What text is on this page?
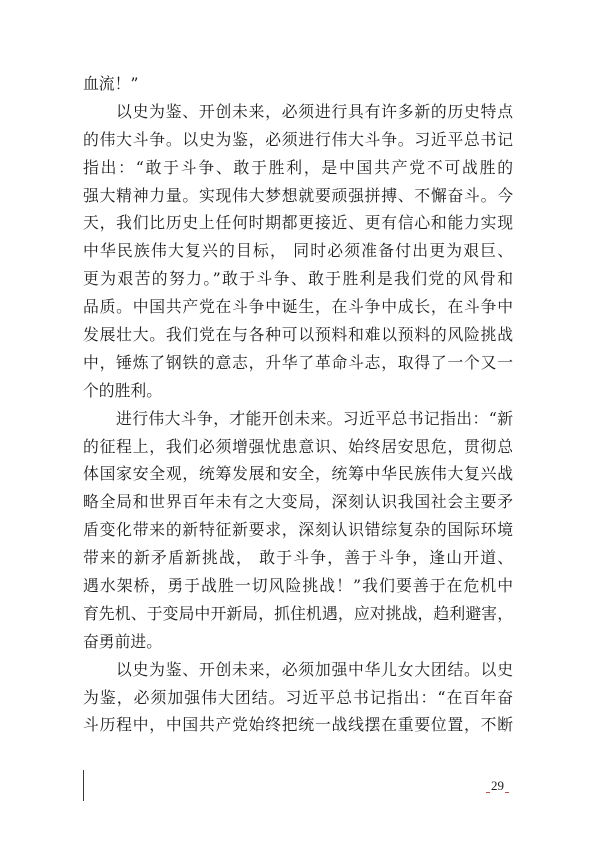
血流！”
以史为鉴、开创未来，必须进行具有许多新的历史特点
的伟大斗争。以史为鉴，必须进行伟大斗争。习近平总书记
指出：“敢于斗争、敢于胜利，是中国共产党不可战胜的
强大精神力量。实现伟大梦想就要顽强拼搏、不懈奋斗。今
天，我们比历史上任何时期都更接近、更有信心和能力实现
中华民族伟大复兴的目标， 同时必须准备付出更为艰巨、
更为艰苦的努力。”敢于斗争、敢于胜利是我们党的风骨和
品质。中国共产党在斗争中诞生，在斗争中成长，在斗争中
发展壮大。我们党在与各种可以预料和难以预料的风险挑战
中，锤炼了钢铁的意志，升华了革命斗志，取得了一个又一
个的胜利。
进行伟大斗争，才能开创未来。习近平总书记指出：“新
的征程上，我们必须增强忧患意识、始终居安思危，贯彻总
体国家安全观，统筹发展和安全，统筹中华民族伟大复兴战
略全局和世界百年未有之大变局，深刻认识我国社会主要矛
盾变化带来的新特征新要求，深刻认识错综复杂的国际环境
带来的新矛盾新挑战， 敢于斗争，善于斗争，逢山开道、
遇水架桥，勇于战胜一切风险挑战！”我们要善于在危机中
育先机、于变局中开新局，抓住机遇，应对挑战，趋利避害，
奋勇前进。
以史为鉴、开创未来，必须加强中华儿女大团结。以史
为鉴，必须加强伟大团结。习近平总书记指出：“在百年奋
斗历程中，中国共产党始终把统一战线摆在重要位置，不断
29
